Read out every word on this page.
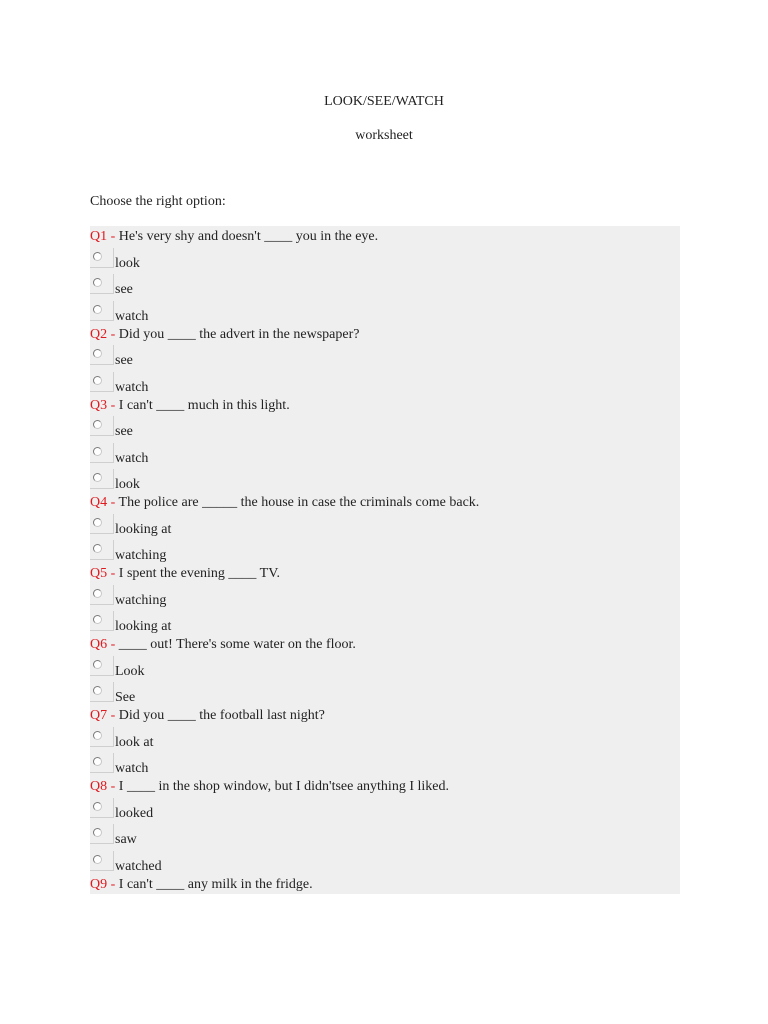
LOOK/SEE/WATCH
worksheet
Choose the right option:
Q1 - He's very shy and doesn't ____ you in the eye.
look
see
watch
Q2 - Did you ____ the advert in the newspaper?
see
watch
Q3 - I can't ____ much in this light.
see
watch
look
Q4 - The police are _____ the house in case the criminals come back.
looking at
watching
Q5 - I spent the evening ____ TV.
watching
looking at
Q6 - ____ out! There's some water on the floor.
Look
See
Q7 - Did you ____ the football last night?
look at
watch
Q8 - I ____ in the shop window, but I didn'tsee anything I liked.
looked
saw
watched
Q9 - I can't ____ any milk in the fridge.
